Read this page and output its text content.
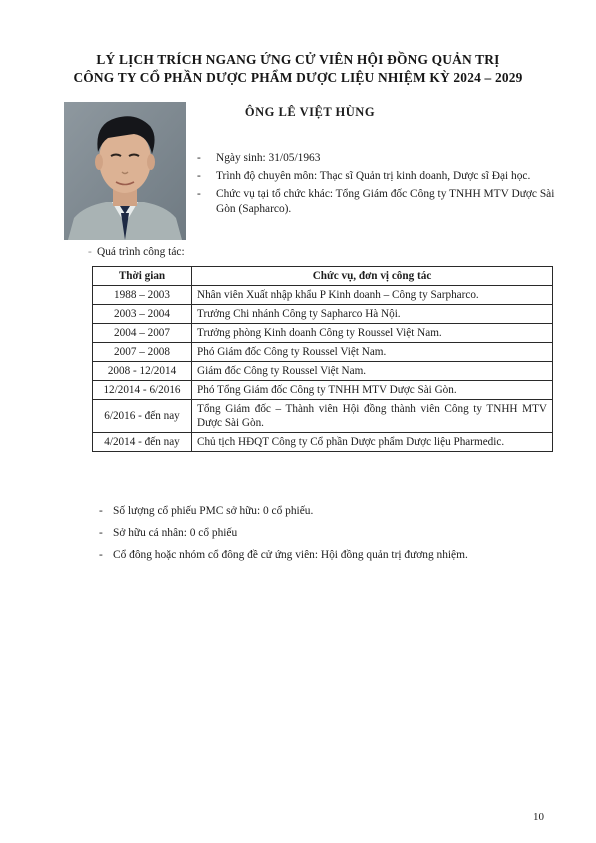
LÝ LỊCH TRÍCH NGANG ỨNG CỬ VIÊN HỘI ĐỒNG QUẢN TRỊ
CÔNG TY CỔ PHẦN DƯỢC PHẨM DƯỢC LIỆU NHIỆM KỲ 2024 – 2029
ÔNG LÊ VIỆT HÙNG
- Ngày sinh: 31/05/1963
- Trình độ chuyên môn: Thạc sĩ Quản trị kinh doanh, Dược sĩ Đại học.
- Chức vụ tại tổ chức khác: Tổng Giám đốc Công ty TNHH MTV Dược Sài Gòn (Sapharco).
- Quá trình công tác:
Thời gian	Chức vụ, đơn vị công tác
1988 – 2003	Nhân viên Xuất nhập khẩu P Kinh doanh – Công ty Sarpharco.
2003 – 2004	Trưởng Chi nhánh Công ty Sapharco Hà Nội.
2004 – 2007	Trưởng phòng Kinh doanh Công ty Roussel Việt Nam.
2007 – 2008	Phó Giám đốc Công ty Roussel Việt Nam.
2008 - 12/2014	Giám đốc Công ty Roussel Việt Nam.
12/2014 - 6/2016	Phó Tổng Giám đốc Công ty TNHH MTV Dược Sài Gòn.
6/2016 - đến nay	Tổng Giám đốc – Thành viên Hội đồng thành viên Công ty TNHH MTV Dược Sài Gòn.
4/2014 - đến nay	Chủ tịch HĐQT Công ty Cổ phần Dược phẩm Dược liệu Pharmedic.
- Số lượng cổ phiếu PMC sở hữu: 0 cổ phiếu.
- Sở hữu cá nhân: 0 cổ phiếu
- Cổ đông hoặc nhóm cổ đông đề cử ứng viên: Hội đồng quản trị đương nhiệm.
10
